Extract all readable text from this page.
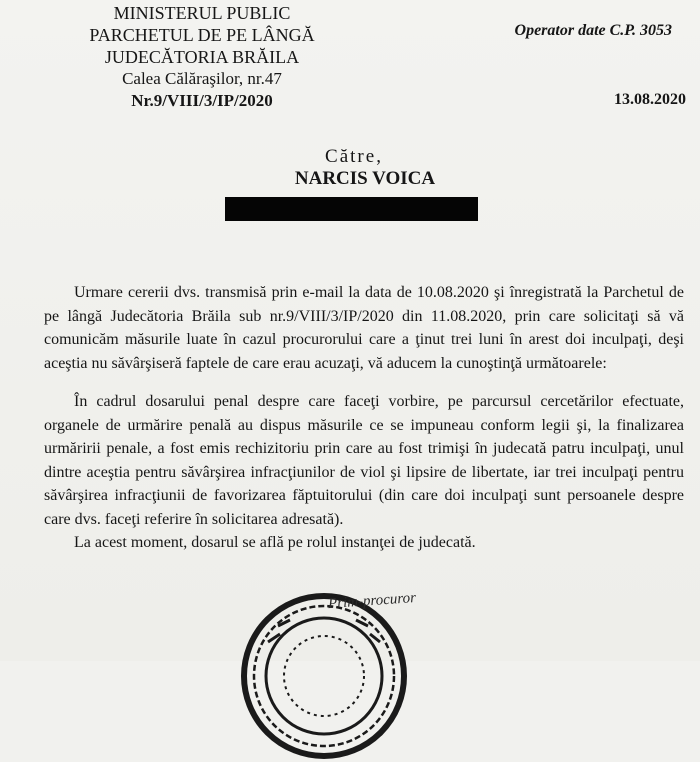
MINISTERUL PUBLIC
PARCHETUL DE PE LÂNGĂ
JUDECĂTORIA BRĂILA
Calea Călăraşilor, nr.47
Nr.9/VIII/3/IP/2020
Operator date C.P. 3053
13.08.2020
Către,
NARCIS VOICA

Urmare cererii dvs. transmisă prin e-mail la data de 10.08.2020 şi înregistrată la Parchetul de pe lângă Judecătoria Brăila sub nr.9/VIII/3/IP/2020 din 11.08.2020, prin care solicitaţi să vă comunicăm măsurile luate în cazul procurorului care a ţinut trei luni în arest doi inculpaţi, deşi aceştia nu săvârşiseră faptele de care erau acuzaţi, vă aducem la cunoştinţă următoarele:

În cadrul dosarului penal despre care faceţi vorbire, pe parcursul cercetărilor efectuate, organele de urmărire penală au dispus măsurile ce se impuneau conform legii şi, la finalizarea urmăririi penale, a fost emis rechizitoriu prin care au fost trimişi în judecată patru inculpaţi, unul dintre aceştia pentru săvârşirea infracţiunilor de viol şi lipsire de libertate, iar trei inculpaţi pentru săvârşirea infracţiunii de favorizarea făptuitorului (din care doi inculpaţi sunt persoanele despre care dvs. faceţi referire în solicitarea adresată).

La acest moment, dosarul se află pe rolul instanţei de judecată.

Prim-procuror
